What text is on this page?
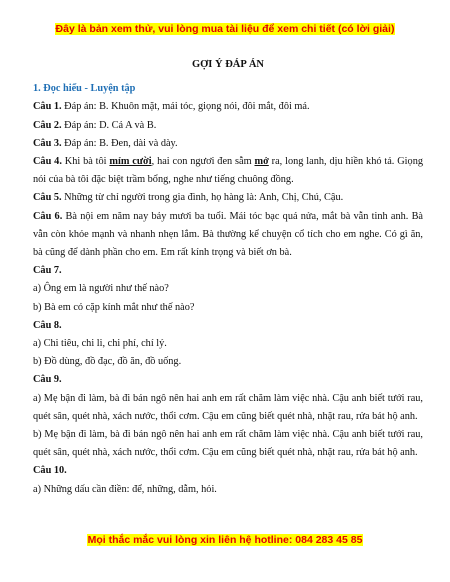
Đây là bản xem thử, vui lòng mua tài liệu để xem chi tiết (có lời giải)

GỢI Ý ĐÁP ÁN

1. Đọc hiểu - Luyện tập

Câu 1. Đáp án: B. Khuôn mặt, mái tóc, giọng nói, đôi mắt, đôi má.

Câu 2. Đáp án: D. Cả A và B.

Câu 3. Đáp án: B. Đen, dài và dày.

Câu 4. Khi bà tôi mỉm cười, hai con ngươi đen sẫm mở ra, long lanh, dịu hiền khó tả. Giọng nói của bà tôi đặc biệt trầm bổng, nghe như tiếng chuông đồng.

Câu 5. Những từ chỉ người trong gia đình, họ hàng là: Anh, Chị, Chú, Cậu.

Câu 6. Bà nội em năm nay bảy mươi ba tuổi. Mái tóc bạc quá nửa, mắt bà vẫn tinh anh. Bà vẫn còn khỏe mạnh và nhanh nhẹn lắm. Bà thường kể chuyện cổ tích cho em nghe. Có gì ăn, bà cũng để dành phần cho em. Em rất kính trọng và biết ơn bà.

Câu 7.

a) Ông em là người như thế nào?

b) Bà em có cặp kính mắt như thế nào?

Câu 8.

a) Chi tiêu, chi li, chi phí, chí lý.

b) Đồ dùng, đồ đạc, đồ ăn, đồ uống.

Câu 9.

a) Mẹ bận đi làm, bà đi bán ngô nên hai anh em rất chăm làm việc nhà. Cậu anh biết tưới rau, quét sân, quét nhà, xách nước, thổi cơm. Cậu em cũng biết quét nhà, nhặt rau, rửa bát hộ anh.

b) Mẹ bận đi làm, bà đi bán ngô nên hai anh em rất chăm làm việc nhà. Cậu anh biết tưới rau, quét sân, quét nhà, xách nước, thổi cơm. Cậu em cũng biết quét nhà, nhặt rau, rửa bát hộ anh.

Câu 10.

a) Những dấu cần điền: để, những, dẫm, hỏi.

Mọi thắc mắc vui lòng xin liên hệ hotline: 084 283 45 85
